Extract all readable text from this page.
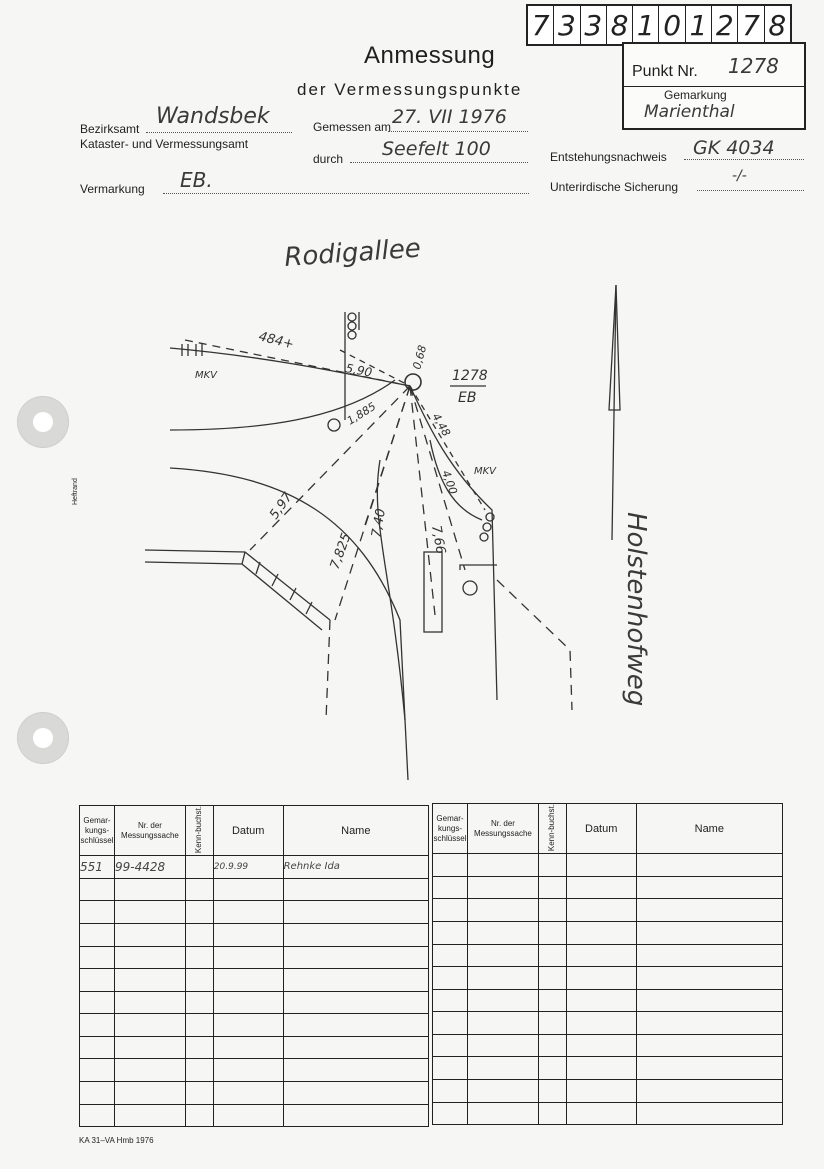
7 3 3 8 1 0 1 2 7 8
Anmessung
der Vermessungspunkte
Punkt Nr. 1278
Gemarkung
Marienthal
Bezirksamt Wandsbek
Kataster- und Vermessungsamt
Gemessen am 27. VII 1976
durch Seefelt 100	Entstehungsnachweis GK 4034
Vermarkung EB.	Unterirdische Sicherung
-/-
Heftrand
Rodigallee
Holstenhofweg
1278
EB
484+
5,90
1,885
0,68
4,48
4,00
MKV
MKV
5,97
7,40
7,825	7,66
Gemar-kungs-schlüssel	Nr. der Messungssache	Kenn-buchst.	Datum	Name
551	99-4428		20.9.99	Rehnke Ida

Gemar-kungs-schlüssel	Nr. der Messungssache	Kenn-buchst.	Datum	Name

KA 31–VA Hmb 1976
